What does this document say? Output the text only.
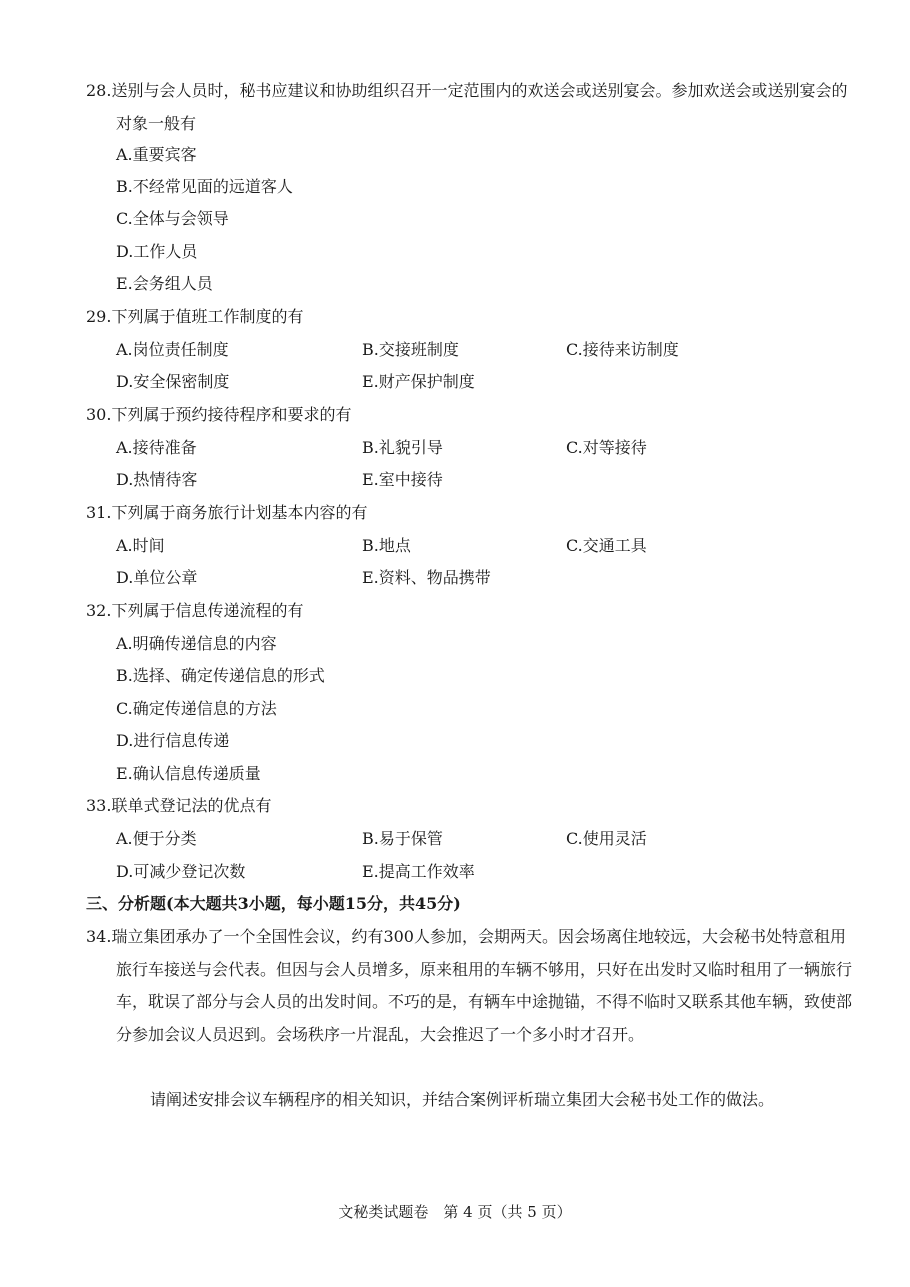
28.送别与会人员时，秘书应建议和协助组织召开一定范围内的欢送会或送别宴会。参加欢送会或送别宴会的对象一般有
A.重要宾客
B.不经常见面的远道客人
C.全体与会领导
D.工作人员
E.会务组人员
29.下列属于值班工作制度的有
A.岗位责任制度	B.交接班制度	C.接待来访制度
D.安全保密制度	E.财产保护制度
30.下列属于预约接待程序和要求的有
A.接待准备	B.礼貌引导	C.对等接待
D.热情待客	E.室中接待
31.下列属于商务旅行计划基本内容的有
A.时间	B.地点	C.交通工具
D.单位公章	E.资料、物品携带
32.下列属于信息传递流程的有
A.明确传递信息的内容
B.选择、确定传递信息的形式
C.确定传递信息的方法
D.进行信息传递
E.确认信息传递质量
33.联单式登记法的优点有
A.便于分类	B.易于保管	C.使用灵活
D.可减少登记次数	E.提高工作效率
三、分析题(本大题共3小题，每小题15分，共45分)
34.瑞立集团承办了一个全国性会议，约有300人参加，会期两天。因会场离住地较远，大会秘书处特意租用旅行车接送与会代表。但因与会人员增多，原来租用的车辆不够用，只好在出发时又临时租用了一辆旅行车，耽误了部分与会人员的出发时间。不巧的是，有辆车中途抛锚，不得不临时又联系其他车辆，致使部分参加会议人员迟到。会场秩序一片混乱，大会推迟了一个多小时才召开。
请阐述安排会议车辆程序的相关知识，并结合案例评析瑞立集团大会秘书处工作的做法。
文秘类试题卷　第 4 页（共 5 页）
